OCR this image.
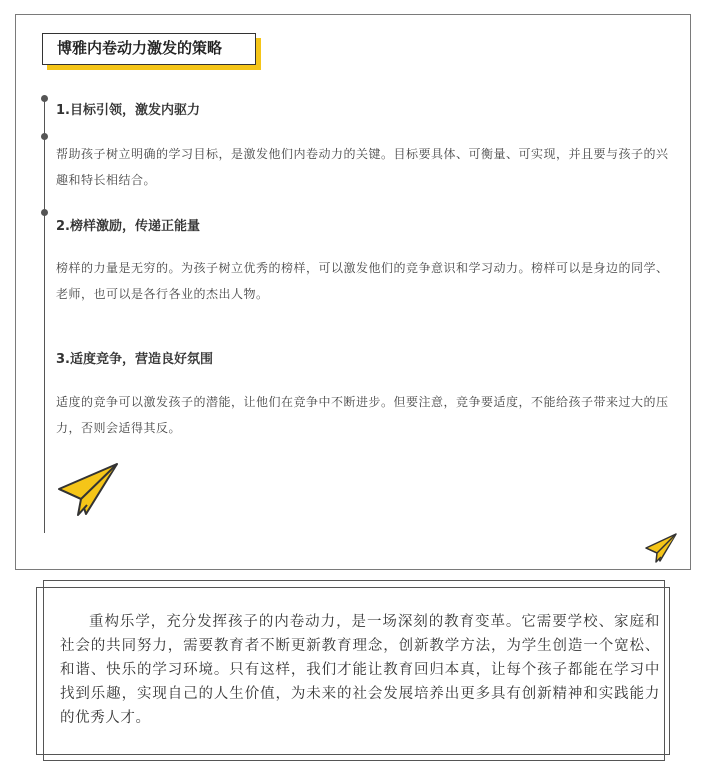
博雅内卷动力激发的策略
1.目标引领，激发内驱力
帮助孩子树立明确的学习目标，是激发他们内卷动力的关键。目标要具体、可衡量、可实现，并且要与孩子的兴趣和特长相结合。
2.榜样激励，传递正能量
榜样的力量是无穷的。为孩子树立优秀的榜样，可以激发他们的竞争意识和学习动力。榜样可以是身边的同学、老师，也可以是各行各业的杰出人物。
3.适度竞争，营造良好氛围
适度的竞争可以激发孩子的潜能，让他们在竞争中不断进步。但要注意，竞争要适度，不能给孩子带来过大的压力，否则会适得其反。
重构乐学，充分发挥孩子的内卷动力，是一场深刻的教育变革。它需要学校、家庭和社会的共同努力，需要教育者不断更新教育理念，创新教学方法，为学生创造一个宽松、和谐、快乐的学习环境。只有这样，我们才能让教育回归本真，让每个孩子都能在学习中找到乐趣，实现自己的人生价值，为未来的社会发展培养出更多具有创新精神和实践能力的优秀人才。
